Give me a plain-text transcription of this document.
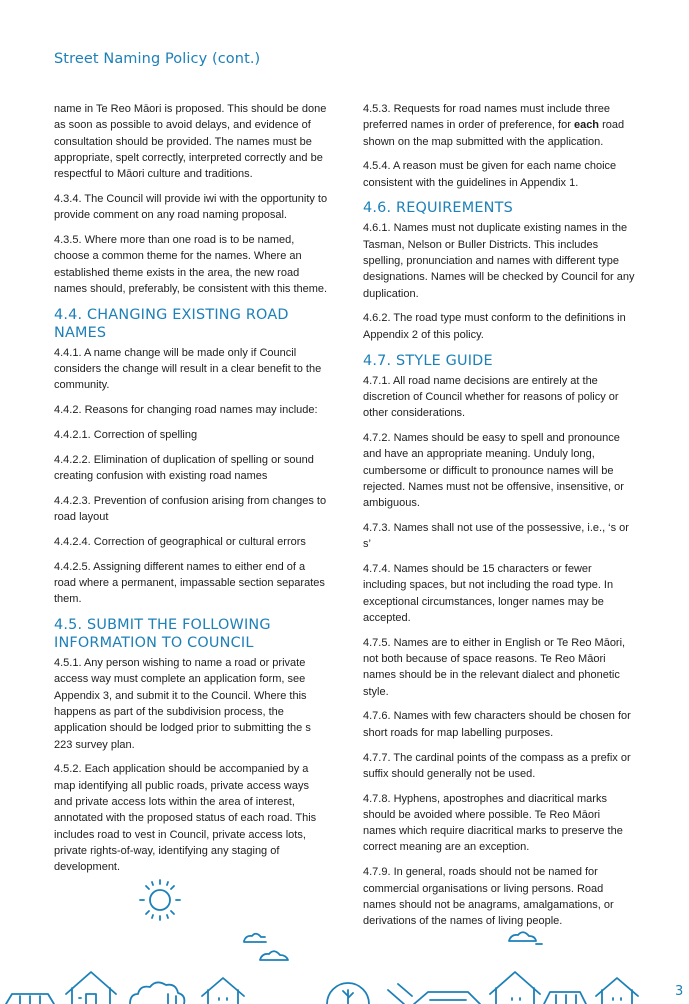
Street Naming Policy (cont.)

name in Te Reo Māori is proposed. This should be done as soon as possible to avoid delays, and evidence of consultation should be provided. The names must be appropriate, spelt correctly, interpreted correctly and be respectful to Māori culture and traditions.

4.3.4. The Council will provide iwi with the opportunity to provide comment on any road naming proposal.

4.3.5. Where more than one road is to be named, choose a common theme for the names. Where an established theme exists in the area, the new road names should, preferably, be consistent with this theme.

4.4. CHANGING EXISTING ROAD NAMES

4.4.1. A name change will be made only if Council considers the change will result in a clear benefit to the community.

4.4.2. Reasons for changing road names may include:

4.4.2.1. Correction of spelling

4.4.2.2. Elimination of duplication of spelling or sound creating confusion with existing road names

4.4.2.3. Prevention of confusion arising from changes to road layout

4.4.2.4. Correction of geographical or cultural errors

4.4.2.5. Assigning different names to either end of a road where a permanent, impassable section separates them.

4.5. SUBMIT THE FOLLOWING INFORMATION TO COUNCIL

4.5.1. Any person wishing to name a road or private access way must complete an application form, see Appendix 3, and submit it to the Council. Where this happens as part of the subdivision process, the application should be lodged prior to submitting the s 223 survey plan.

4.5.2. Each application should be accompanied by a map identifying all public roads, private access ways and private access lots within the area of interest, annotated with the proposed status of each road. This includes road to vest in Council, private access lots, private rights-of-way, identifying any staging of development.

4.5.3. Requests for road names must include three preferred names in order of preference, for each road shown on the map submitted with the application.

4.5.4. A reason must be given for each name choice consistent with the guidelines in Appendix 1.

4.6. REQUIREMENTS

4.6.1. Names must not duplicate existing names in the Tasman, Nelson or Buller Districts. This includes spelling, pronunciation and names with different type designations. Names will be checked by Council for any duplication.

4.6.2. The road type must conform to the definitions in Appendix 2 of this policy.

4.7. STYLE GUIDE

4.7.1. All road name decisions are entirely at the discretion of Council whether for reasons of policy or other considerations.

4.7.2. Names should be easy to spell and pronounce and have an appropriate meaning. Unduly long, cumbersome or difficult to pronounce names will be rejected. Names must not be offensive, insensitive, or ambiguous.

4.7.3. Names shall not use of the possessive, i.e., ‘s or s’

4.7.4. Names should be 15 characters or fewer including spaces, but not including the road type. In exceptional circumstances, longer names may be accepted.

4.7.5. Names are to either in English or Te Reo Māori, not both because of space reasons. Te Reo Māori names should be in the relevant dialect and phonetic style.

4.7.6. Names with few characters should be chosen for short roads for map labelling purposes.

4.7.7. The cardinal points of the compass as a prefix or suffix should generally not be used.

4.7.8. Hyphens, apostrophes and diacritical marks should be avoided where possible. Te Reo Māori names which require diacritical marks to preserve the correct meaning are an exception.

4.7.9. In general, roads should not be named for commercial organisations or living persons. Road names should not be anagrams, amalgamations, or derivations of the names of living people.

3
